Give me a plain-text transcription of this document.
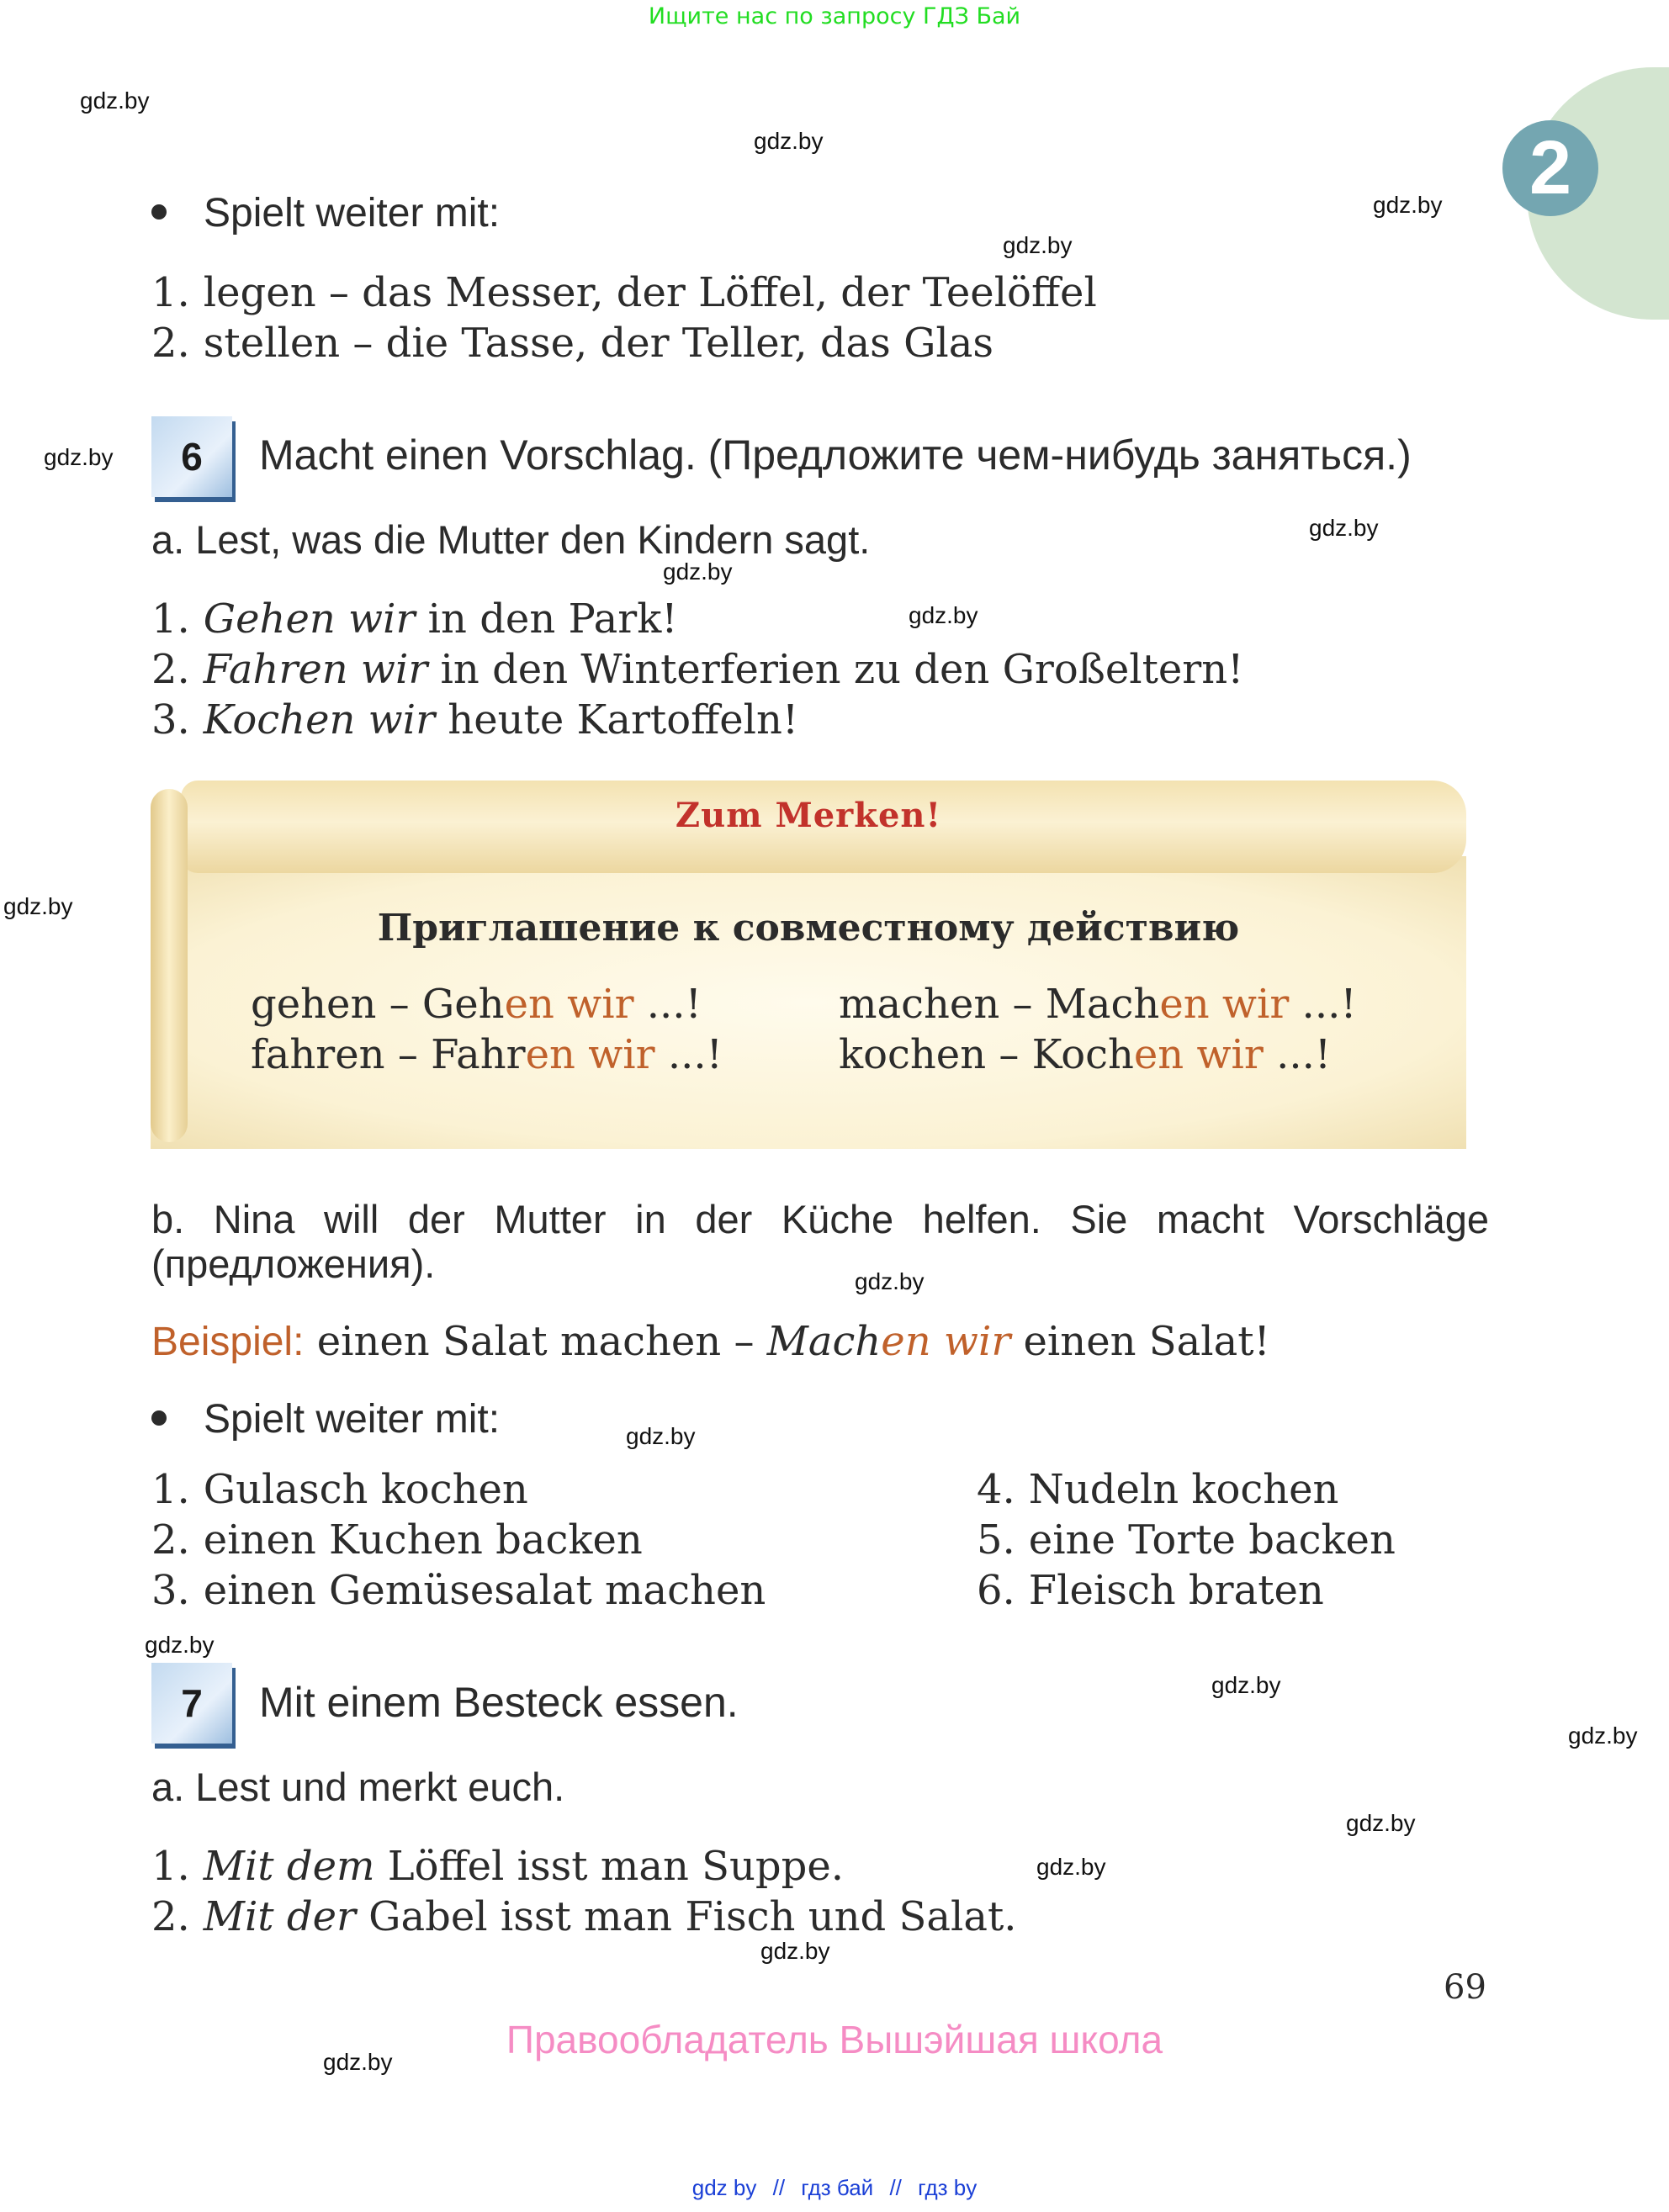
Ищите нас по запросу ГДЗ Бай
2
gdz.by
gdz.by
gdz.by
gdz.by
gdz.by
gdz.by
gdz.by
gdz.by
gdz.by
gdz.by
gdz.by
gdz.by
gdz.by
gdz.by
gdz.by
gdz.by
gdz.by
gdz.by
Spielt weiter mit:
1. legen – das Messer, der Löffel, der Teelöffel
2. stellen – die Tasse, der Teller, das Glas
6	Macht einen Vorschlag. (Предложите чем-нибудь заняться.)
a. Lest, was die Mutter den Kindern sagt.
1. Gehen wir in den Park!
2. Fahren wir in den Winterferien zu den Großeltern!
3. Kochen wir heute Kartoffeln!
Zum Merken!
Приглашение к совместному действию
gehen – Gehen wir ...!	machen – Machen wir ...!
fahren – Fahren wir ...!	kochen – Kochen wir ...!
b. Nina will der Mutter in der Küche helfen. Sie macht Vorschläge
(предложения).
Beispiel: einen Salat machen – Machen wir einen Salat!
Spielt weiter mit:
1. Gulasch kochen
2. einen Kuchen backen
3. einen Gemüsesalat machen
4. Nudeln kochen
5. eine Torte backen
6. Fleisch braten
7	Mit einem Besteck essen.
a. Lest und merkt euch.
1. Mit dem Löffel isst man Suppe.
2. Mit der Gabel isst man Fisch und Salat.
69
Правообладатель Вышэйшая школа
gdz by // гдз бай // гдз by
